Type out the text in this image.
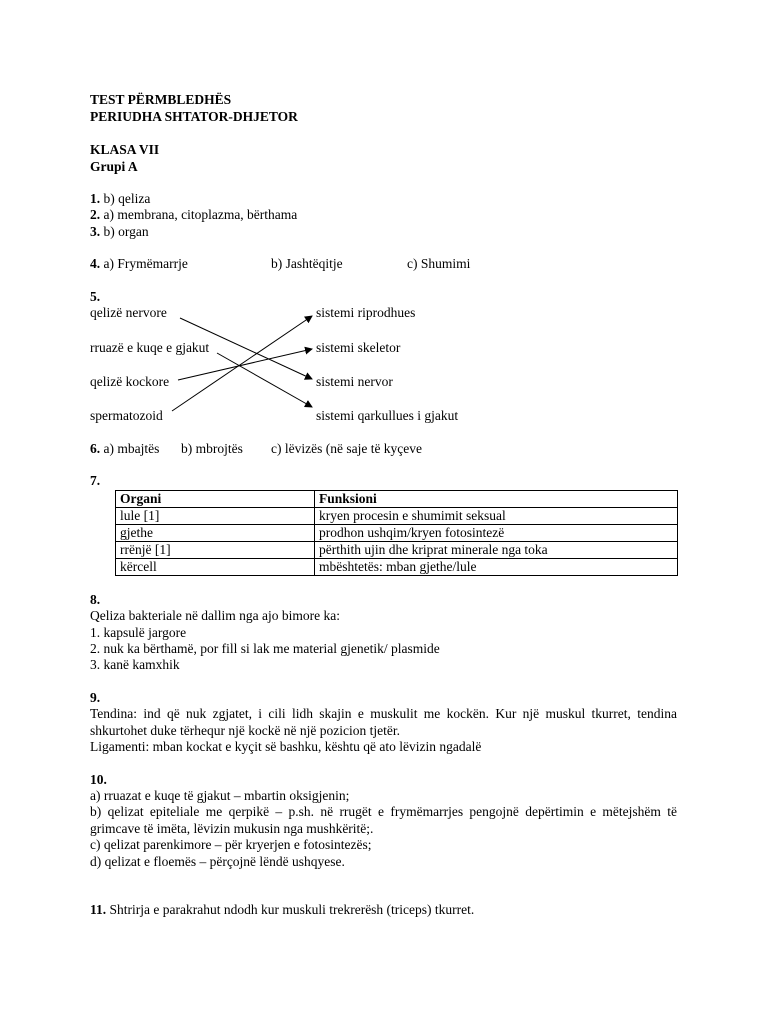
TEST PËRMBLEDHËS
PERIUDHA SHTATOR-DHJETOR
KLASA VII
Grupi A
1. b) qeliza
2. a) membrana, citoplazma, bërthama
3. b) organ
4. a) Frymëmarrje	b) Jashtëqitje	c) Shumimi
5.
qelizë nervore
rruazë e kuqe e gjakut
qelizë kockore
spermatozoid
sistemi riprodhues
sistemi skeletor
sistemi nervor
sistemi qarkullues i gjakut
6. a) mbajtës b) mbrojtës c) lëvizës (në saje të kyçeve
7.
Organi	Funksioni
lule [1]	kryen procesin e shumimit seksual
gjethe	prodhon ushqim/kryen fotosintezë
rrënjë [1]	përthith ujin dhe kriprat minerale nga toka
kërcell	mbështetës: mban gjethe/lule
8.
Qeliza bakteriale në dallim nga ajo bimore ka:
1. kapsulë jargore
2. nuk ka bërthamë, por fill si lak me material gjenetik/ plasmide
3. kanë kamxhik
9.
Tendina: ind që nuk zgjatet, i cili lidh skajin e muskulit me kockën. Kur një muskul tkurret, tendina shkurtohet duke tërhequr një kockë në një pozicion tjetër.
Ligamenti: mban kockat e kyçit së bashku, kështu që ato lëvizin ngadalë
10.
a) rruazat e kuqe të gjakut – mbartin oksigjenin;
b) qelizat epiteliale me qerpikë – p.sh. në rrugët e frymëmarrjes pengojnë depërtimin e mëtejshëm të grimcave të imëta, lëvizin mukusin nga mushkëritë;.
c) qelizat parenkimore – për kryerjen e fotosintezës;
d) qelizat e floemës – përçojnë lëndë ushqyese.
11. Shtrirja e parakrahut ndodh kur muskuli trekrerësh (triceps) tkurret.
